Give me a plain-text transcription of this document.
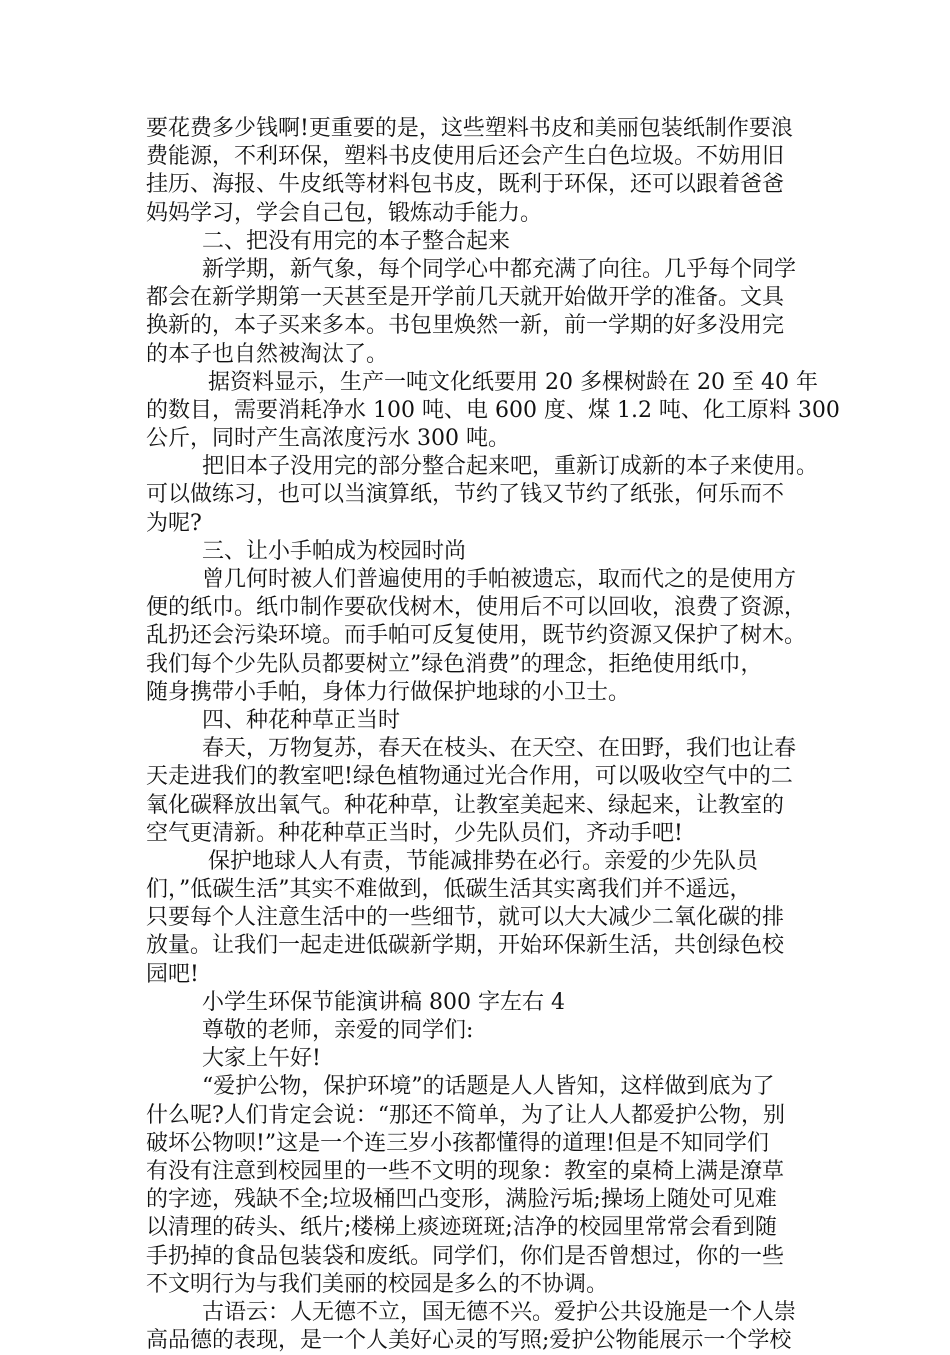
要花费多少钱啊!更重要的是，这些塑料书皮和美丽包装纸制作要浪
费能源，不利环保，塑料书皮使用后还会产生白色垃圾。不妨用旧
挂历、海报、牛皮纸等材料包书皮，既利于环保，还可以跟着爸爸
妈妈学习，学会自己包，锻炼动手能力。
二、把没有用完的本子整合起来
新学期，新气象，每个同学心中都充满了向往。几乎每个同学
都会在新学期第一天甚至是开学前几天就开始做开学的准备。文具
换新的，本子买来多本。书包里焕然一新，前一学期的好多没用完
的本子也自然被淘汰了。
据资料显示，生产一吨文化纸要用 20 多棵树龄在 20 至 40 年
的数目，需要消耗净水 100 吨、电 600 度、煤 1.2 吨、化工原料 300
公斤，同时产生高浓度污水 300 吨。
把旧本子没用完的部分整合起来吧，重新订成新的本子来使用。
可以做练习，也可以当演算纸，节约了钱又节约了纸张，何乐而不
为呢?
三、让小手帕成为校园时尚
曾几何时被人们普遍使用的手帕被遗忘，取而代之的是使用方
便的纸巾。纸巾制作要砍伐树木，使用后不可以回收，浪费了资源，
乱扔还会污染环境。而手帕可反复使用，既节约资源又保护了树木。
我们每个少先队员都要树立”绿色消费”的理念，拒绝使用纸巾，
随身携带小手帕，身体力行做保护地球的小卫士。
四、种花种草正当时
春天，万物复苏，春天在枝头、在天空、在田野，我们也让春
天走进我们的教室吧!绿色植物通过光合作用，可以吸收空气中的二
氧化碳释放出氧气。种花种草，让教室美起来、绿起来，让教室的
空气更清新。种花种草正当时，少先队员们，齐动手吧!
保护地球人人有责，节能减排势在必行。亲爱的少先队员
们，”低碳生活”其实不难做到，低碳生活其实离我们并不遥远，
只要每个人注意生活中的一些细节，就可以大大减少二氧化碳的排
放量。让我们一起走进低碳新学期，开始环保新生活，共创绿色校
园吧!
小学生环保节能演讲稿 800 字左右 4
尊敬的老师，亲爱的同学们:
大家上午好!
“爱护公物，保护环境”的话题是人人皆知，这样做到底为了
什么呢?人们肯定会说：“那还不简单，为了让人人都爱护公物，别
破坏公物呗!”这是一个连三岁小孩都懂得的道理!但是不知同学们
有没有注意到校园里的一些不文明的现象：教室的桌椅上满是潦草
的字迹，残缺不全;垃圾桶凹凸变形，满脸污垢;操场上随处可见难
以清理的砖头、纸片;楼梯上痰迹斑斑;洁净的校园里常常会看到随
手扔掉的食品包装袋和废纸。同学们，你们是否曾想过，你的一些
不文明行为与我们美丽的校园是多么的不协调。
古语云：人无德不立，国无德不兴。爱护公共设施是一个人崇
高品德的表现，是一个人美好心灵的写照;爱护公物能展示一个学校
